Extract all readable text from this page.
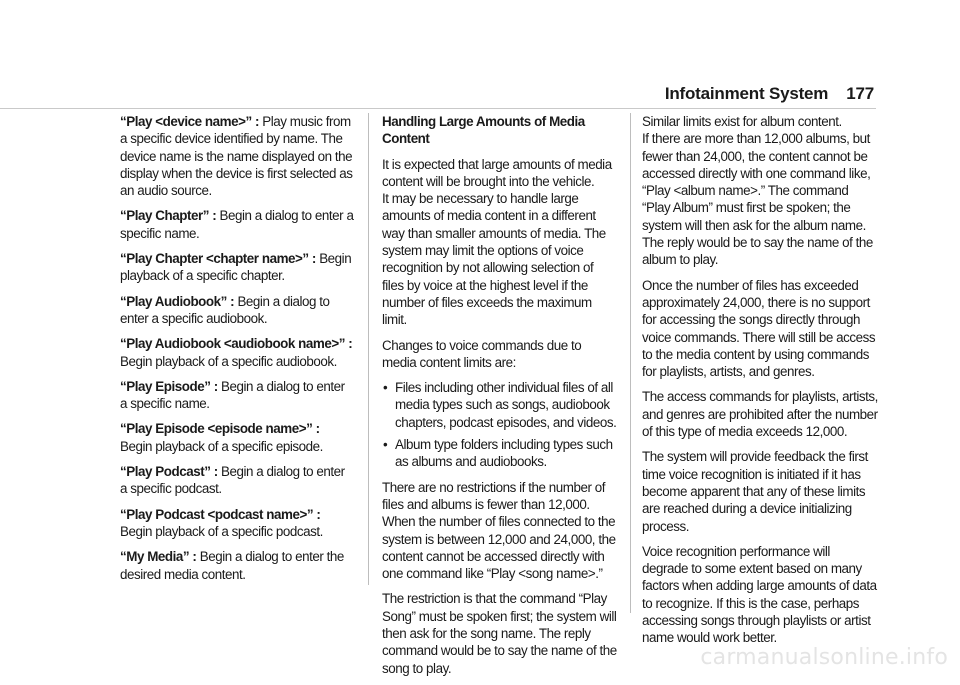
Infotainment System 177

“Play <device name>” : Play music from a specific device identified by name. The device name is the name displayed on the display when the device is first selected as an audio source.

“Play Chapter” : Begin a dialog to enter a specific name.

“Play Chapter <chapter name>” : Begin playback of a specific chapter.

“Play Audiobook” : Begin a dialog to enter a specific audiobook.

“Play Audiobook <audiobook name>” : Begin playback of a specific audiobook.

“Play Episode” : Begin a dialog to enter a specific name.

“Play Episode <episode name>” : Begin playback of a specific episode.

“Play Podcast” : Begin a dialog to enter a specific podcast.

“Play Podcast <podcast name>” : Begin playback of a specific podcast.

“My Media” : Begin a dialog to enter the desired media content.

Handling Large Amounts of Media Content

It is expected that large amounts of media content will be brought into the vehicle.

It may be necessary to handle large amounts of media content in a different way than smaller amounts of media. The system may limit the options of voice recognition by not allowing selection of files by voice at the highest level if the number of files exceeds the maximum limit.

Changes to voice commands due to media content limits are:

• Files including other individual files of all media types such as songs, audiobook chapters, podcast episodes, and videos.
• Album type folders including types such as albums and audiobooks.

There are no restrictions if the number of files and albums is fewer than 12,000. When the number of files connected to the system is between 12,000 and 24,000, the content cannot be accessed directly with one command like “Play <song name>.”

The restriction is that the command “Play Song” must be spoken first; the system will then ask for the song name. The reply command would be to say the name of the song to play.

Similar limits exist for album content.

If there are more than 12,000 albums, but fewer than 24,000, the content cannot be accessed directly with one command like, “Play <album name>.” The command “Play Album” must first be spoken; the system will then ask for the album name. The reply would be to say the name of the album to play.

Once the number of files has exceeded approximately 24,000, there is no support for accessing the songs directly through voice commands. There will still be access to the media content by using commands for playlists, artists, and genres.

The access commands for playlists, artists, and genres are prohibited after the number of this type of media exceeds 12,000.

The system will provide feedback the first time voice recognition is initiated if it has become apparent that any of these limits are reached during a device initializing process.

Voice recognition performance will degrade to some extent based on many factors when adding large amounts of data to recognize. If this is the case, perhaps accessing songs through playlists or artist name would work better.

carmanualsonline.info
